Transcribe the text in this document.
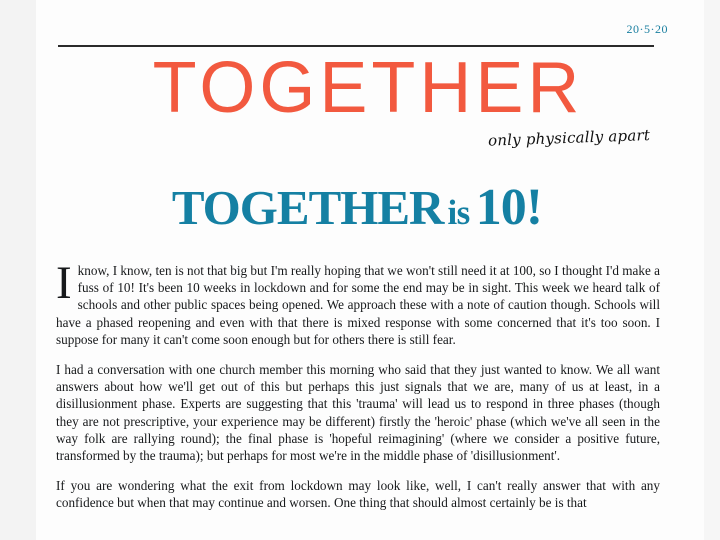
20·5·20
TOGETHER
only physically apart
TOGETHER is 10!

Iknow, I know, ten is not that big but I'm really hoping that we won't still need it at 100, so I thought I'd make a fuss of 10! It's been 10 weeks in lockdown and for some the end may be in sight. This week we heard talk of schools and other public spaces being opened. We approach these with a note of caution though. Schools will have a phased reopening and even with that there is mixed response with some concerned that it's too soon. I suppose for many it can't come soon enough but for others there is still fear.

I had a conversation with one church member this morning who said that they just wanted to know. We all want answers about how we'll get out of this but perhaps this just signals that we are, many of us at least, in a disillusionment phase. Experts are suggesting that this 'trauma' will lead us to respond in three phases (though they are not prescriptive, your experience may be different) firstly the 'heroic' phase (which we've all seen in the way folk are rallying round); the final phase is 'hopeful reimagining' (where we consider a positive future, transformed by the trauma); but perhaps for most we're in the middle phase of 'disillusionment'.

If you are wondering what the exit from lockdown may look like, well, I can't really answer that with any confidence but when that may continue and worsen. One thing that should almost certainly be is that
